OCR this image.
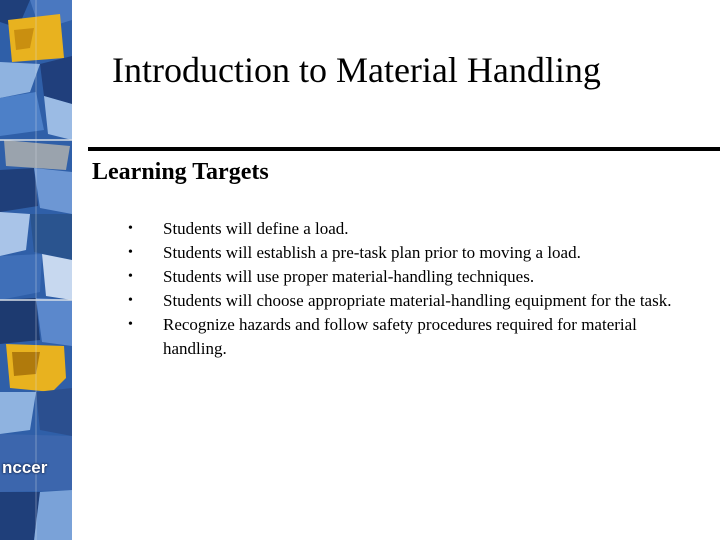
nccer
Introduction to Material Handling
Learning Targets
• Students will define a load.
• Students will establish a pre-task plan prior to moving a load.
• Students will use proper material-handling techniques.
• Students will choose appropriate material-handling equipment for the task.
• Recognize hazards and follow safety procedures required for material handling.
